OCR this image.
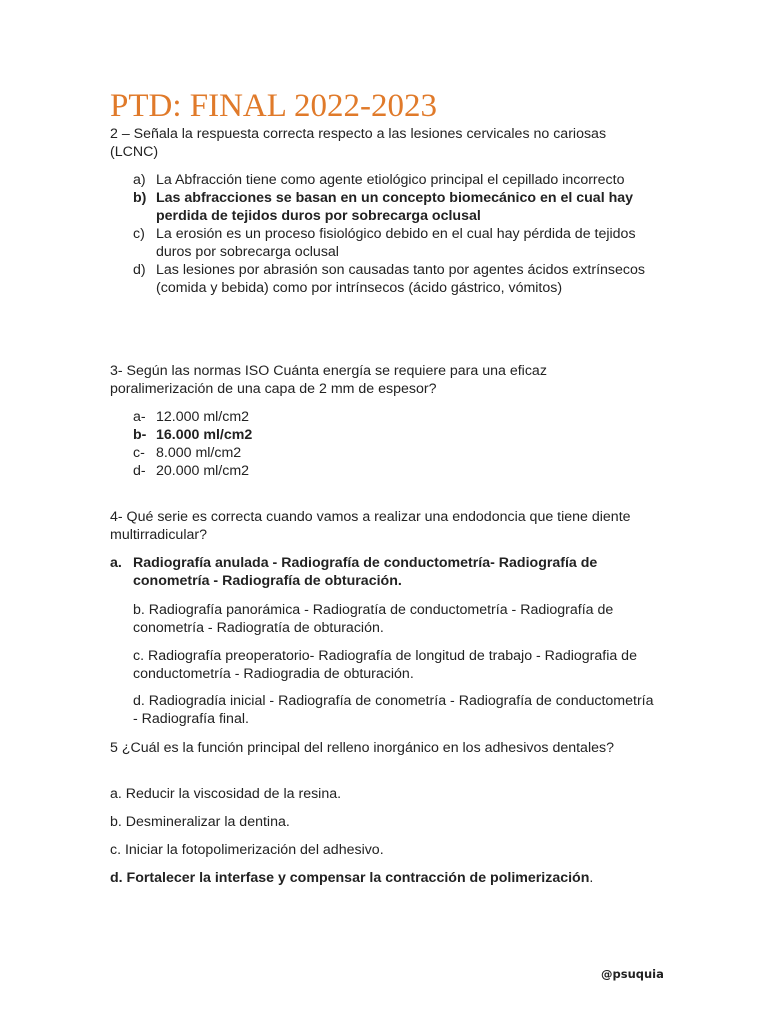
PTD: FINAL 2022-2023
2 – Señala la respuesta correcta respecto a las lesiones cervicales no cariosas (LCNC)
a) La Abfracción tiene como agente etiológico principal el cepillado incorrecto
b) Las abfracciones se basan en un concepto biomecánico en el cual hay perdida de tejidos duros por sobrecarga oclusal
c) La erosión es un proceso fisiológico debido en el cual hay pérdida de tejidos duros por sobrecarga oclusal
d) Las lesiones por abrasión son causadas tanto por agentes ácidos extrínsecos (comida y bebida) como por intrínsecos (ácido gástrico, vómitos)
3- Según las normas ISO Cuánta energía se requiere para una eficaz poralimerización de una capa de 2 mm de espesor?
a- 12.000 ml/cm2
b- 16.000 ml/cm2
c- 8.000 ml/cm2
d- 20.000 ml/cm2
4- Qué serie es correcta cuando vamos a realizar una endodoncia que tiene diente multirradicular?
a. Radiografía anulada - Radiografía de conductometría- Radiografía de conometría - Radiografía de obturación.
b. Radiografía panorámica - Radiogratía de conductometría - Radiografía de conometría - Radiogratía de obturación.
c. Radiografía preoperatorio- Radiografía de longitud de trabajo - Radiografia de conductometría - Radiogradia de obturación.
d. Radiogradía inicial - Radiografía de conometría - Radiografía de conductometría - Radiografía final.
5 ¿Cuál es la función principal del relleno inorgánico en los adhesivos dentales?
a. Reducir la viscosidad de la resina.
b. Desmineralizar la dentina.
c. Iniciar la fotopolimerización del adhesivo.
d. Fortalecer la interfase y compensar la contracción de polimerización.
@psuquia
